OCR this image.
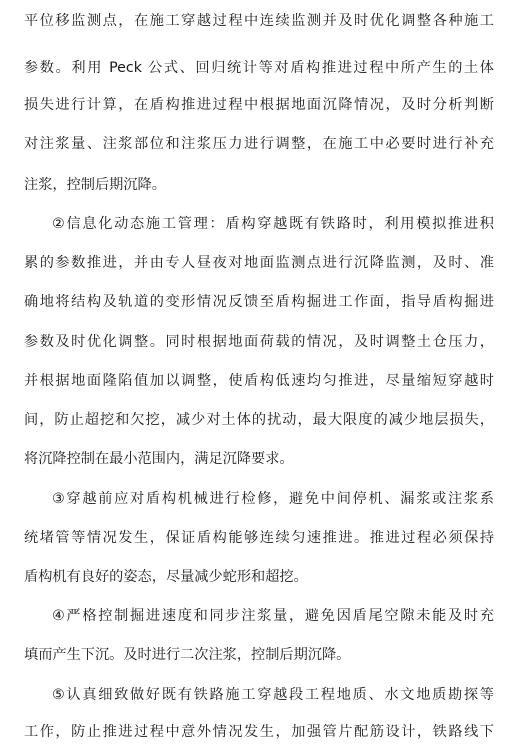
平位移监测点，在施工穿越过程中连续监测并及时优化调整各种施工
参数。利用 Peck 公式、回归统计等对盾构推进过程中所产生的土体
损失进行计算，在盾构推进过程中根据地面沉降情况，及时分析判断
对注浆量、注浆部位和注浆压力进行调整，在施工中必要时进行补充
注浆，控制后期沉降。
②信息化动态施工管理：盾构穿越既有铁路时，利用模拟推进积
累的参数推进，并由专人昼夜对地面监测点进行沉降监测，及时、准
确地将结构及轨道的变形情况反馈至盾构掘进工作面，指导盾构掘进
参数及时优化调整。同时根据地面荷载的情况，及时调整土仓压力，
并根据地面隆陷值加以调整，使盾构低速均匀推进，尽量缩短穿越时
间，防止超挖和欠挖，减少对土体的扰动，最大限度的减少地层损失，
将沉降控制在最小范围内，满足沉降要求。
③穿越前应对盾构机械进行检修，避免中间停机、漏浆或注浆系
统堵管等情况发生，保证盾构能够连续匀速推进。推进过程必须保持
盾构机有良好的姿态，尽量减少蛇形和超挖。
④严格控制掘进速度和同步注浆量，避免因盾尾空隙未能及时充
填而产生下沉。及时进行二次注浆，控制后期沉降。
⑤认真细致做好既有铁路施工穿越段工程地质、水文地质勘探等
工作，防止推进过程中意外情况发生，加强管片配筋设计，铁路线下
